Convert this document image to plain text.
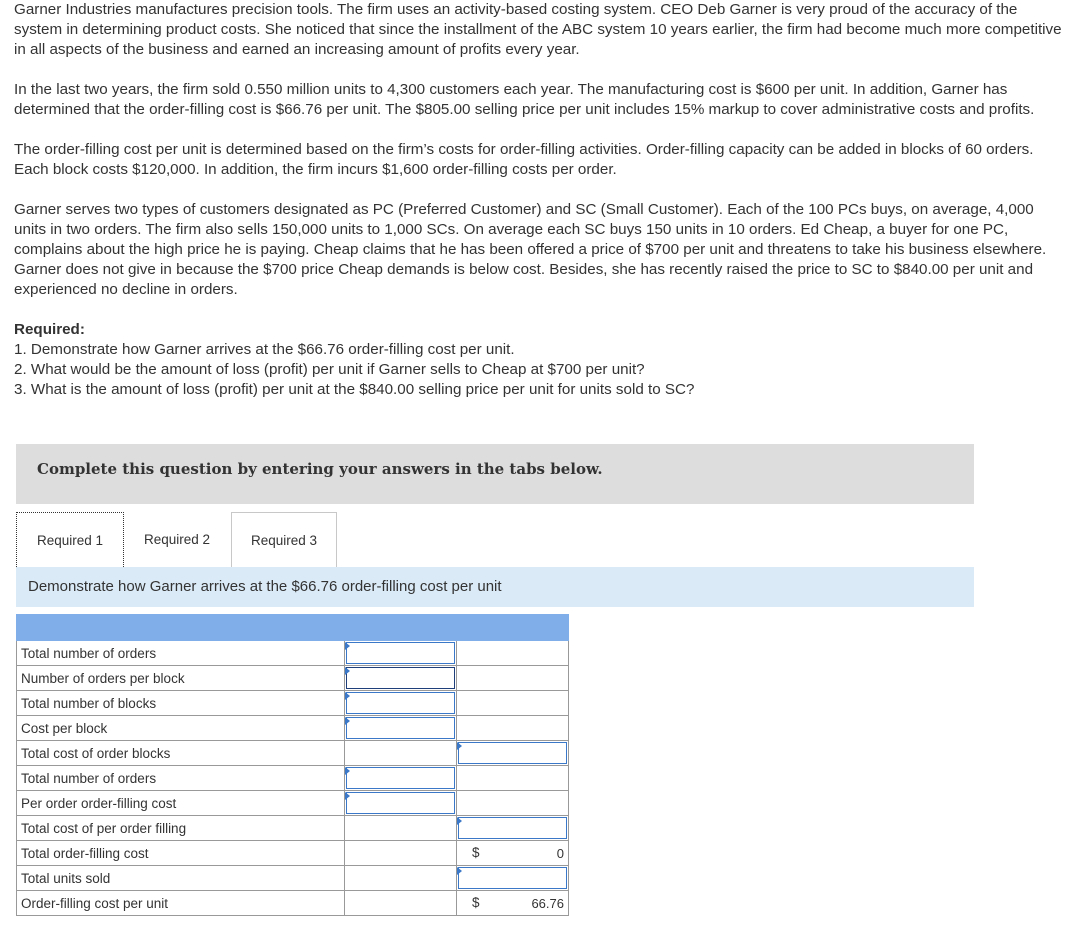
Garner Industries manufactures precision tools. The firm uses an activity-based costing system. CEO Deb Garner is very proud of the accuracy of the system in determining product costs. She noticed that since the installment of the ABC system 10 years earlier, the firm had become much more competitive in all aspects of the business and earned an increasing amount of profits every year.

In the last two years, the firm sold 0.550 million units to 4,300 customers each year. The manufacturing cost is $600 per unit. In addition, Garner has determined that the order-filling cost is $66.76 per unit. The $805.00 selling price per unit includes 15% markup to cover administrative costs and profits.

The order-filling cost per unit is determined based on the firm’s costs for order-filling activities. Order-filling capacity can be added in blocks of 60 orders. Each block costs $120,000. In addition, the firm incurs $1,600 order-filling costs per order.

Garner serves two types of customers designated as PC (Preferred Customer) and SC (Small Customer). Each of the 100 PCs buys, on average, 4,000 units in two orders. The firm also sells 150,000 units to 1,000 SCs. On average each SC buys 150 units in 10 orders. Ed Cheap, a buyer for one PC, complains about the high price he is paying. Cheap claims that he has been offered a price of $700 per unit and threatens to take his business elsewhere. Garner does not give in because the $700 price Cheap demands is below cost. Besides, she has recently raised the price to SC to $840.00 per unit and experienced no decline in orders.

Required:
1. Demonstrate how Garner arrives at the $66.76 order-filling cost per unit.
2. What would be the amount of loss (profit) per unit if Garner sells to Cheap at $700 per unit?
3. What is the amount of loss (profit) per unit at the $840.00 selling price per unit for units sold to SC?
Complete this question by entering your answers in the tabs below.
Required 1	Required 2	Required 3
Demonstrate how Garner arrives at the $66.76 order-filling cost per unit

Total number of orders	

Number of orders per block	

Total number of blocks	

Cost per block	

Total cost of order blocks		

Total number of orders	

Per order order-filling cost	

Total cost of per order filling		

Total order-filling cost		$ 0

Total units sold		

Order-filling cost per unit		$ 66.76
